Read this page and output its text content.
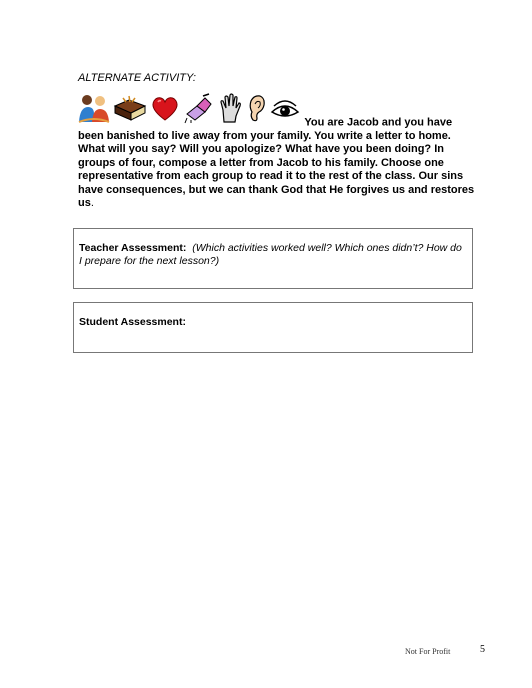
ALTERNATE ACTIVITY:
You are Jacob and you have been banished to live away from your family. You write a letter to home. What will you say? Will you apologize? What have you been doing? In groups of four, compose a letter from Jacob to his family. Choose one representative from each group to read it to the rest of the class. Our sins have consequences, but we can thank God that He forgives us and restores us.
Teacher Assessment: (Which activities worked well? Which ones didn’t? How do I prepare for the next lesson?)
Student Assessment:
Not For Profit	5
